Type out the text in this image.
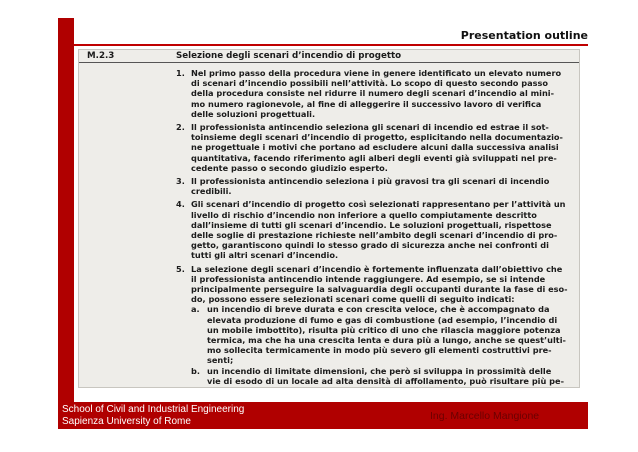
Presentation outline
M.2.3	Selezione degli scenari d’incendio di progetto
1. Nel primo passo della procedura viene in genere identificato un elevato numero
di scenari d’incendio possibili nell’attività. Lo scopo di questo secondo passo
della procedura consiste nel ridurre il numero degli scenari d’incendio al mini-
mo numero ragionevole, al fine di alleggerire il successivo lavoro di verifica
delle soluzioni progettuali.
2. Il professionista antincendio seleziona gli scenari di incendio ed estrae il sot-
toinsieme degli scenari d’incendio di progetto, esplicitando nella documentazio-
ne progettuale i motivi che portano ad escludere alcuni dalla successiva analisi
quantitativa, facendo riferimento agli alberi degli eventi già sviluppati nel pre-
cedente passo o secondo giudizio esperto.
3. Il professionista antincendio seleziona i più gravosi tra gli scenari di incendio
credibili.
4. Gli scenari d’incendio di progetto così selezionati rappresentano per l’attività un
livello di rischio d’incendio non inferiore a quello compiutamente descritto
dall’insieme di tutti gli scenari d’incendio. Le soluzioni progettuali, rispettose
delle soglie di prestazione richieste nell’ambito degli scenari d’incendio di pro-
getto, garantiscono quindi lo stesso grado di sicurezza anche nei confronti di
tutti gli altri scenari d’incendio.
5. La selezione degli scenari d’incendio è fortemente influenzata dall’obiettivo che
il professionista antincendio intende raggiungere. Ad esempio, se si intende
principalmente perseguire la salvaguardia degli occupanti durante la fase di eso-
do, possono essere selezionati scenari come quelli di seguito indicati:
a. un incendio di breve durata e con crescita veloce, che è accompagnato da
elevata produzione di fumo e gas di combustione (ad esempio, l’incendio di
un mobile imbottito), risulta più critico di uno che rilascia maggiore potenza
termica, ma che ha una crescita lenta e dura più a lungo, anche se quest’ulti-
mo sollecita termicamente in modo più severo gli elementi costruttivi pre-
senti;
b. un incendio di limitate dimensioni, che però si sviluppa in prossimità delle
vie di esodo di un locale ad alta densità di affollamento, può risultare più pe-
School of Civil and Industrial Engineering
Sapienza University of Rome	Ing. Marcello Mangione
